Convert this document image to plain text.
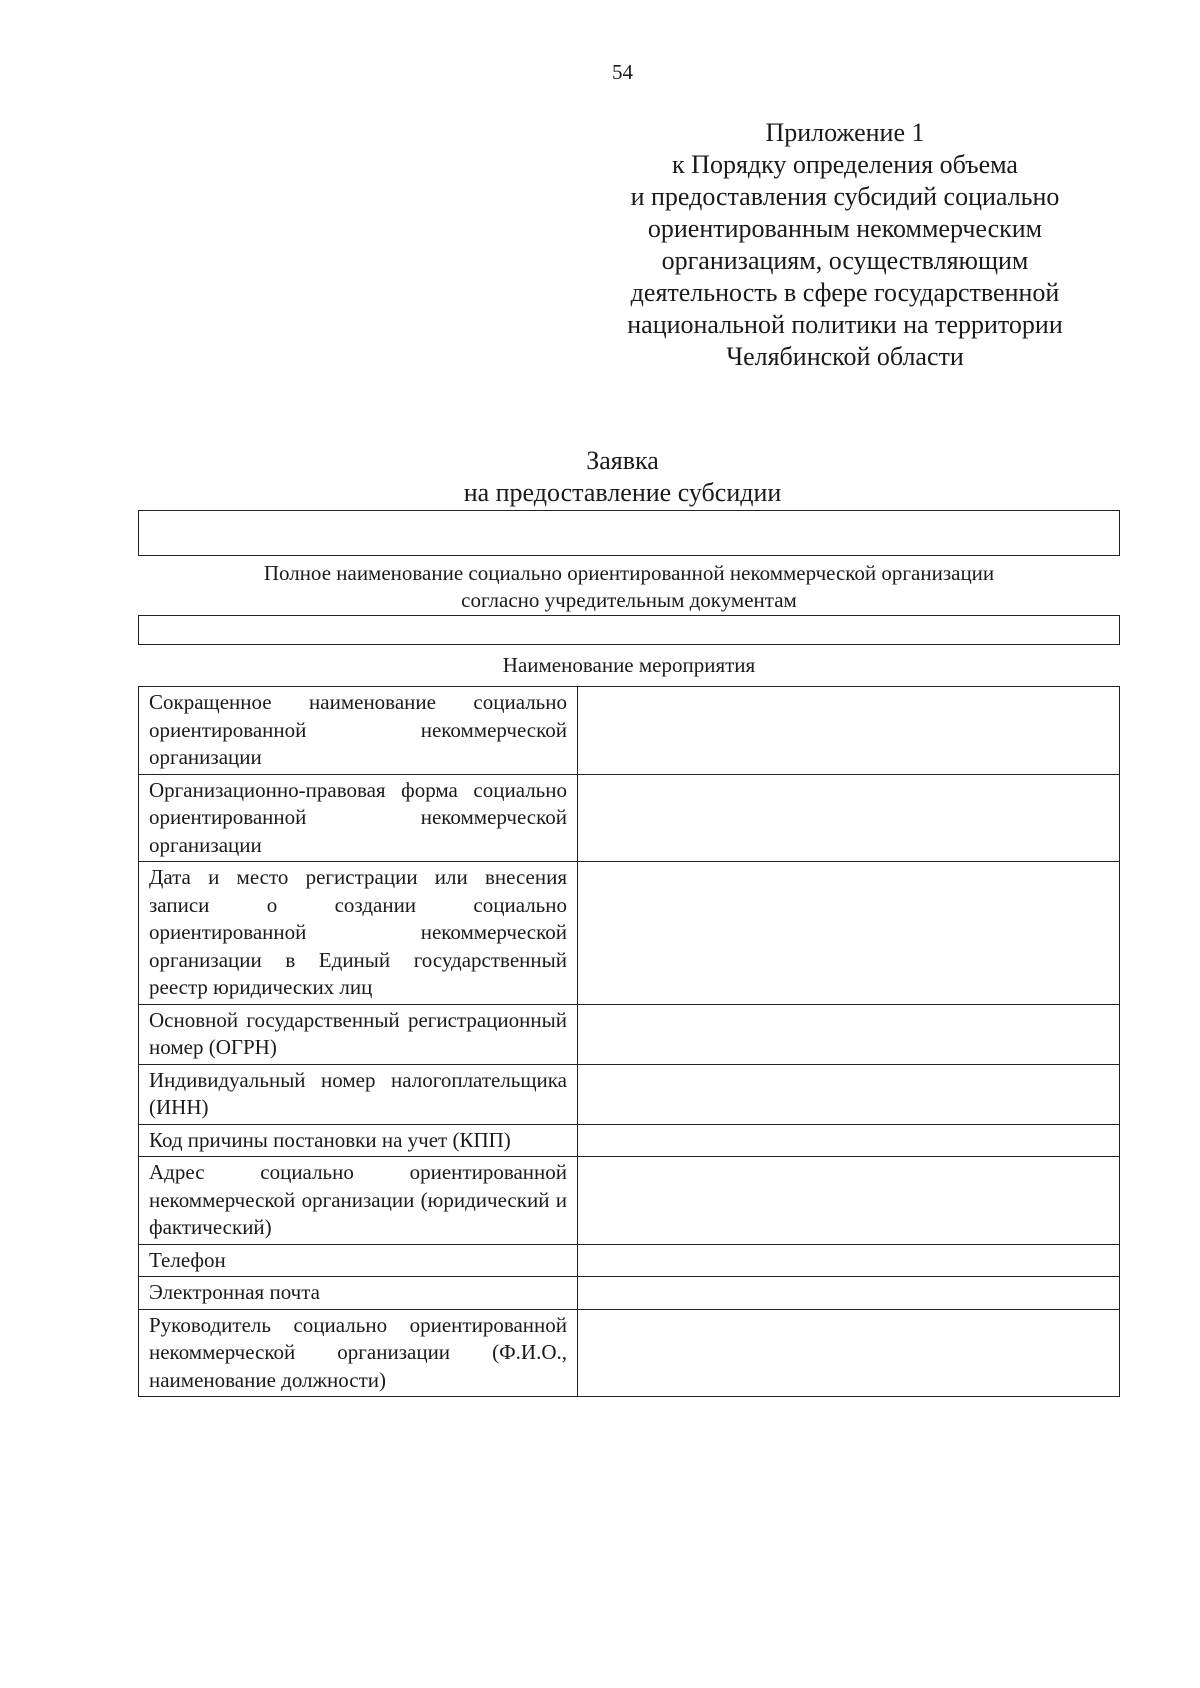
54
Приложение 1
к Порядку определения объема
и предоставления субсидий социально
ориентированным некоммерческим
организациям, осуществляющим
деятельность в сфере государственной
национальной политики на территории
Челябинской области
Заявка
на предоставление субсидии
Полное наименование социально ориентированной некоммерческой организации
согласно учредительным документам
Наименование мероприятия
Сокращенное наименование социально ориентированной некоммерческой организации	
Организационно-правовая форма социально ориентированной некоммерческой организации	
Дата и место регистрации или внесения записи о создании социально ориентированной некоммерческой организации в Единый государственный реестр юридических лиц	
Основной государственный регистрационный номер (ОГРН)	
Индивидуальный номер налогоплательщика (ИНН)	
Код причины постановки на учет (КПП)	
Адрес социально ориентированной некоммерческой организации (юридический и фактический)	
Телефон	
Электронная почта	
Руководитель социально ориентированной некоммерческой организации (Ф.И.О., наименование должности)	
